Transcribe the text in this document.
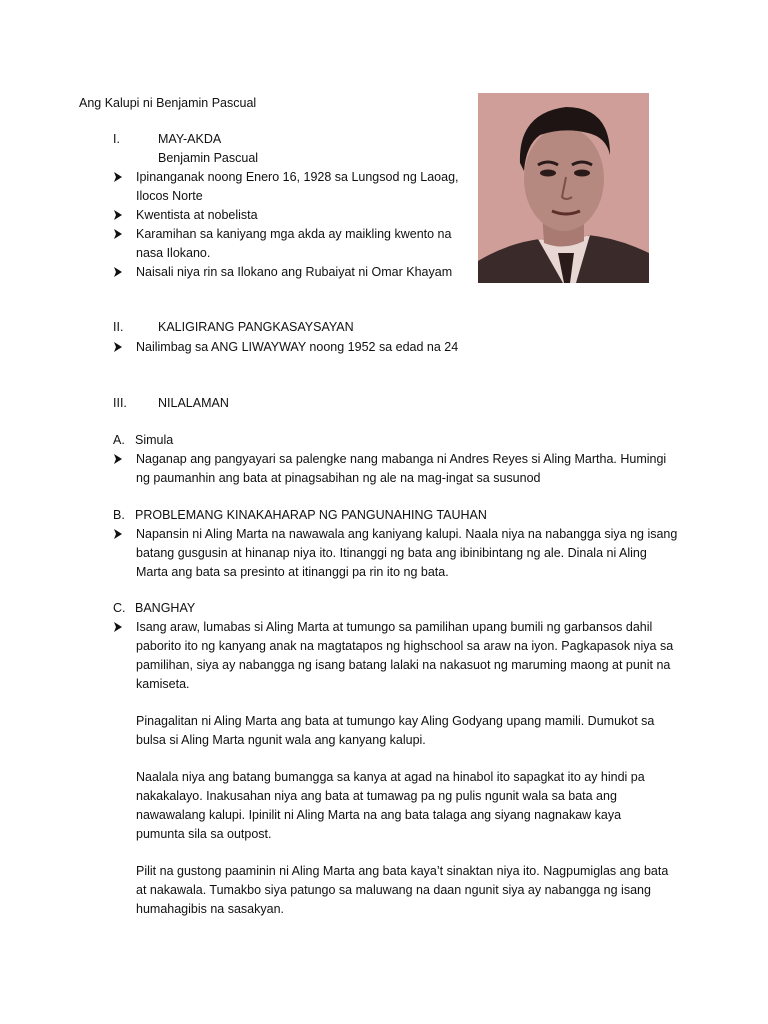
Ang Kalupi ni Benjamin Pascual
I.	MAY-AKDA
Benjamin Pascual
Ipinanganak noong Enero 16, 1928 sa Lungsod ng Laoag,
Ilocos Norte
Kwentista at nobelista
Karamihan sa kaniyang mga akda ay maikling kwento na
nasa Ilokano.
Naisali niya rin sa Ilokano ang Rubaiyat ni Omar Khayam
II.	KALIGIRANG PANGKASAYSAYAN
Nailimbag sa ANG LIWAYWAY noong 1952 sa edad na 24
III. NILALAMAN
A. Simula
Naganap ang pangyayari sa palengke nang mabanga ni Andres Reyes si Aling Martha. Humingi
ng paumanhin ang bata at pinagsabihan ng ale na mag-ingat sa susunod
B. PROBLEMANG KINAKAHARAP NG PANGUNAHING TAUHAN
Napansin ni Aling Marta na nawawala ang kaniyang kalupi. Naala niya na nabangga siya ng isang
batang gusgusin at hinanap niya ito. Itinanggi ng bata ang ibinibintang ng ale. Dinala ni Aling
Marta ang bata sa presinto at itinanggi pa rin ito ng bata.
C. BANGHAY
Isang araw, lumabas si Aling Marta at tumungo sa pamilihan upang bumili ng garbansos dahil
paborito ito ng kanyang anak na magtatapos ng highschool sa araw na iyon. Pagkapasok niya sa
pamilihan, siya ay nabangga ng isang batang lalaki na nakasuot ng maruming maong at punit na
kamiseta.
Pinagalitan ni Aling Marta ang bata at tumungo kay Aling Godyang upang mamili. Dumukot sa
bulsa si Aling Marta ngunit wala ang kanyang kalupi.
Naalala niya ang batang bumangga sa kanya at agad na hinabol ito sapagkat ito ay hindi pa
nakakalayo. Inakusahan niya ang bata at tumawag pa ng pulis ngunit wala sa bata ang
nawawalang kalupi. Ipinilit ni Aling Marta na ang bata talaga ang siyang nagnakaw kaya
pumunta sila sa outpost.
Pilit na gustong paaminin ni Aling Marta ang bata kaya’t sinaktan niya ito. Nagpumiglas ang bata
at nakawala. Tumakbo siya patungo sa maluwang na daan ngunit siya ay nabangga ng isang
humahagibis na sasakyan.
